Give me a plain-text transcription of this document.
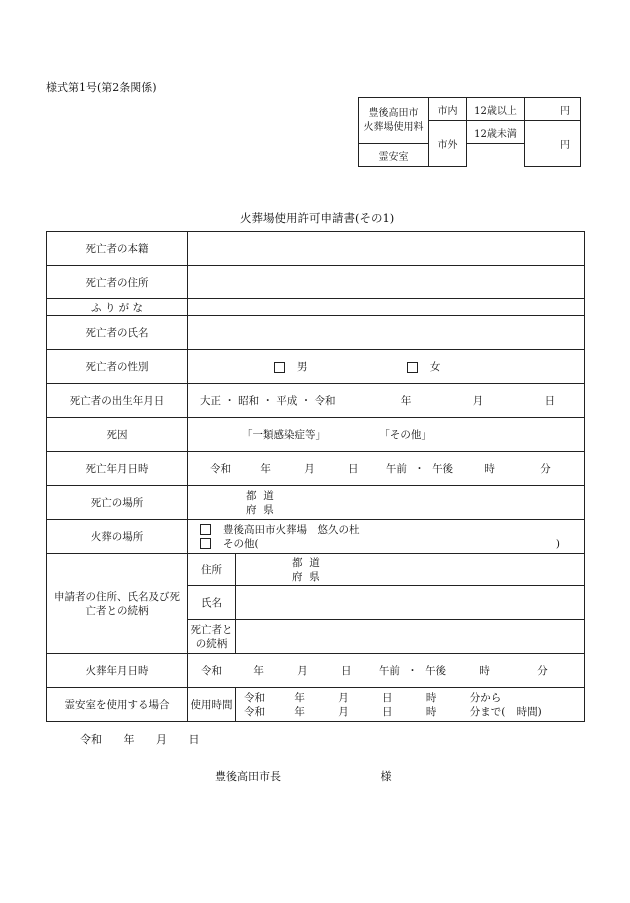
様式第1号(第2条関係)
豊後高田市
火葬場使用料	市内	12歳以上	円
		12歳未満	
	市外		円
霊安室			
火葬場使用許可申請書(その1)
死亡者の本籍		
死亡者の住所		
ふ り が な		
死亡者の氏名		
死亡者の性別	男 女	
死亡者の出生年月日	大正 ・ 昭和 ・ 平成 ・ 令和 年 月 日	
死因	「一類感染症等」 「その他」	
死亡年月日時	令和 年 月 日 午前 ・ 午後 時 分	
死亡の場所	都 道
府 県	
火葬の場所	豊後高田市火葬場　悠久の杜
その他( )	

申請者の住所、氏名及び死亡者との続柄	住所	都 道
府 県
	氏名	
	死亡者との続柄	
火葬年月日時	令和 年 月 日 午前 ・ 午後 時 分	
霊安室を使用する場合	使用時間	令和 年 月 日 時 分から
令和 年 月 日 時 分まで( 時間)
令和 年 月 日
豊後高田市長	様
